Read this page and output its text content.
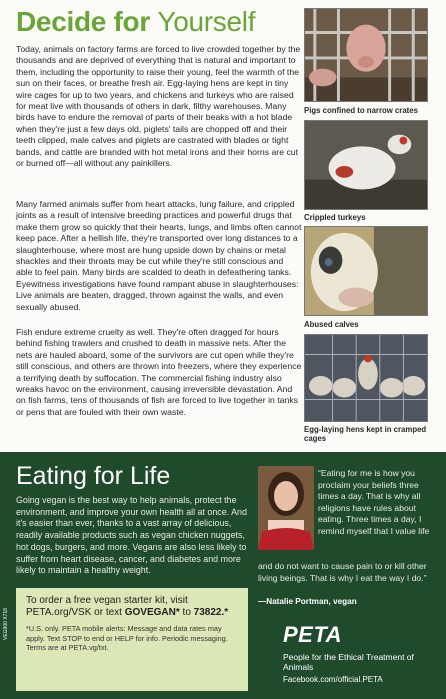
Decide for Yourself

Today, animals on factory farms are forced to live crowded together by the thousands and are deprived of everything that is natural and important to them, including the opportunity to raise their young, feel the warmth of the sun on their faces, or breathe fresh air. Egg-laying hens are kept in tiny wire cages for up to two years, and chickens and turkeys who are raised for meat live with thousands of others in dark, filthy warehouses. Many birds have to endure the removal of parts of their beaks with a hot blade when they're just a few days old, piglets' tails are chopped off and their teeth clipped, male calves and piglets are castrated with blades or tight bands, and cattle are branded with hot metal irons and their horns are cut or burned off—all without any painkillers.

Many farmed animals suffer from heart attacks, lung failure, and crippled joints as a result of intensive breeding practices and powerful drugs that make them grow so quickly that their hearts, lungs, and limbs often cannot keep pace. After a hellish life, they're transported over long distances to a slaughterhouse, where most are hung upside down by chains or metal shackles and their throats may be cut while they're still conscious and able to feel pain. Many birds are scalded to death in defeathering tanks. Eyewitness investigations have found rampant abuse in slaughterhouses: Live animals are beaten, dragged, thrown against the walls, and even sexually abused.

Fish endure extreme cruelty as well. They're often dragged for hours behind fishing trawlers and crushed to death in massive nets. After the nets are hauled aboard, some of the survivors are cut open while they're still conscious, and others are thrown into freezers, where they experience a terrifying death by suffocation. The commercial fishing industry also wreaks havoc on the environment, causing irreversible devastation. And on fish farms, tens of thousands of fish are forced to live together in tanks or pens that are fouled with their own waste.

Pigs confined to narrow crates
Crippled turkeys
Abused calves
Egg-laying hens kept in cramped cages
Eating for Life

Going vegan is the best way to help animals, protect the environment, and improve your own health all at once. And it's easier than ever, thanks to a vast array of delicious, readily available products such as vegan chicken nuggets, hot dogs, burgers, and more. Vegans are also less likely to suffer from heart disease, cancer, and diabetes and more likely to maintain a healthy weight.

“Eating for me is how you proclaim your beliefs three times a day. That is why all religions have rules about eating. Three times a day, I remind myself that I value life

and do not want to cause pain to or kill other living beings. That is why I eat the way I do.”

—Natalie Portman, vegan

To order a free vegan starter kit, visit PETA.org/VSK or text GOVEGAN* to 73822.*

*U.S. only. PETA mobile alerts: Message and data rates may apply. Text STOP to end or HELP for info. Periodic messaging. Terms are at PETA.vg/txt.

VEG900 X718	PETA
People for the Ethical Treatment of Animals
Facebook.com/official.PETA
